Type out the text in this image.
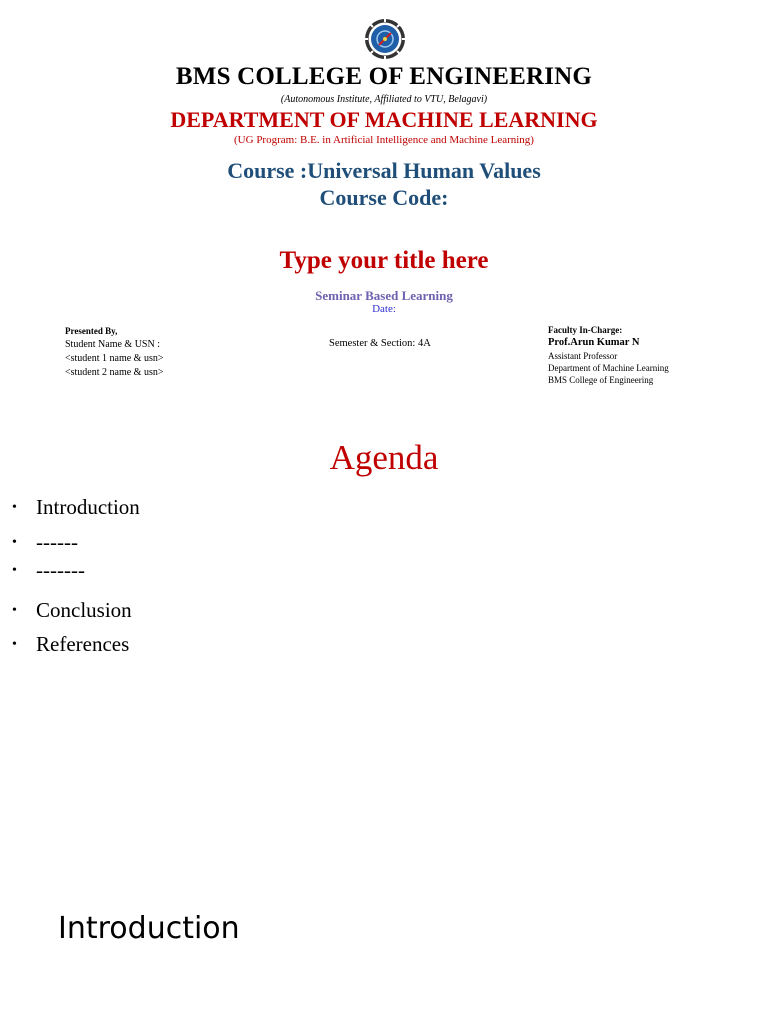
BMS COLLEGE OF ENGINEERING
(Autonomous Institute, Affiliated to VTU, Belagavi)
DEPARTMENT OF MACHINE LEARNING
(UG Program: B.E. in Artificial Intelligence and Machine Learning)
Course :Universal Human Values
Course Code:
Type your title here
Seminar Based Learning
Date:
Presented By,
Student Name & USN :
<student 1 name & usn>
<student 2 name & usn>
Semester & Section: 4A
Faculty In-Charge:
Prof.Arun Kumar N
Assistant Professor
Department of Machine Learning
BMS College of Engineering
Agenda
• Introduction
• ------
• -------
• Conclusion
• References
Introduction
